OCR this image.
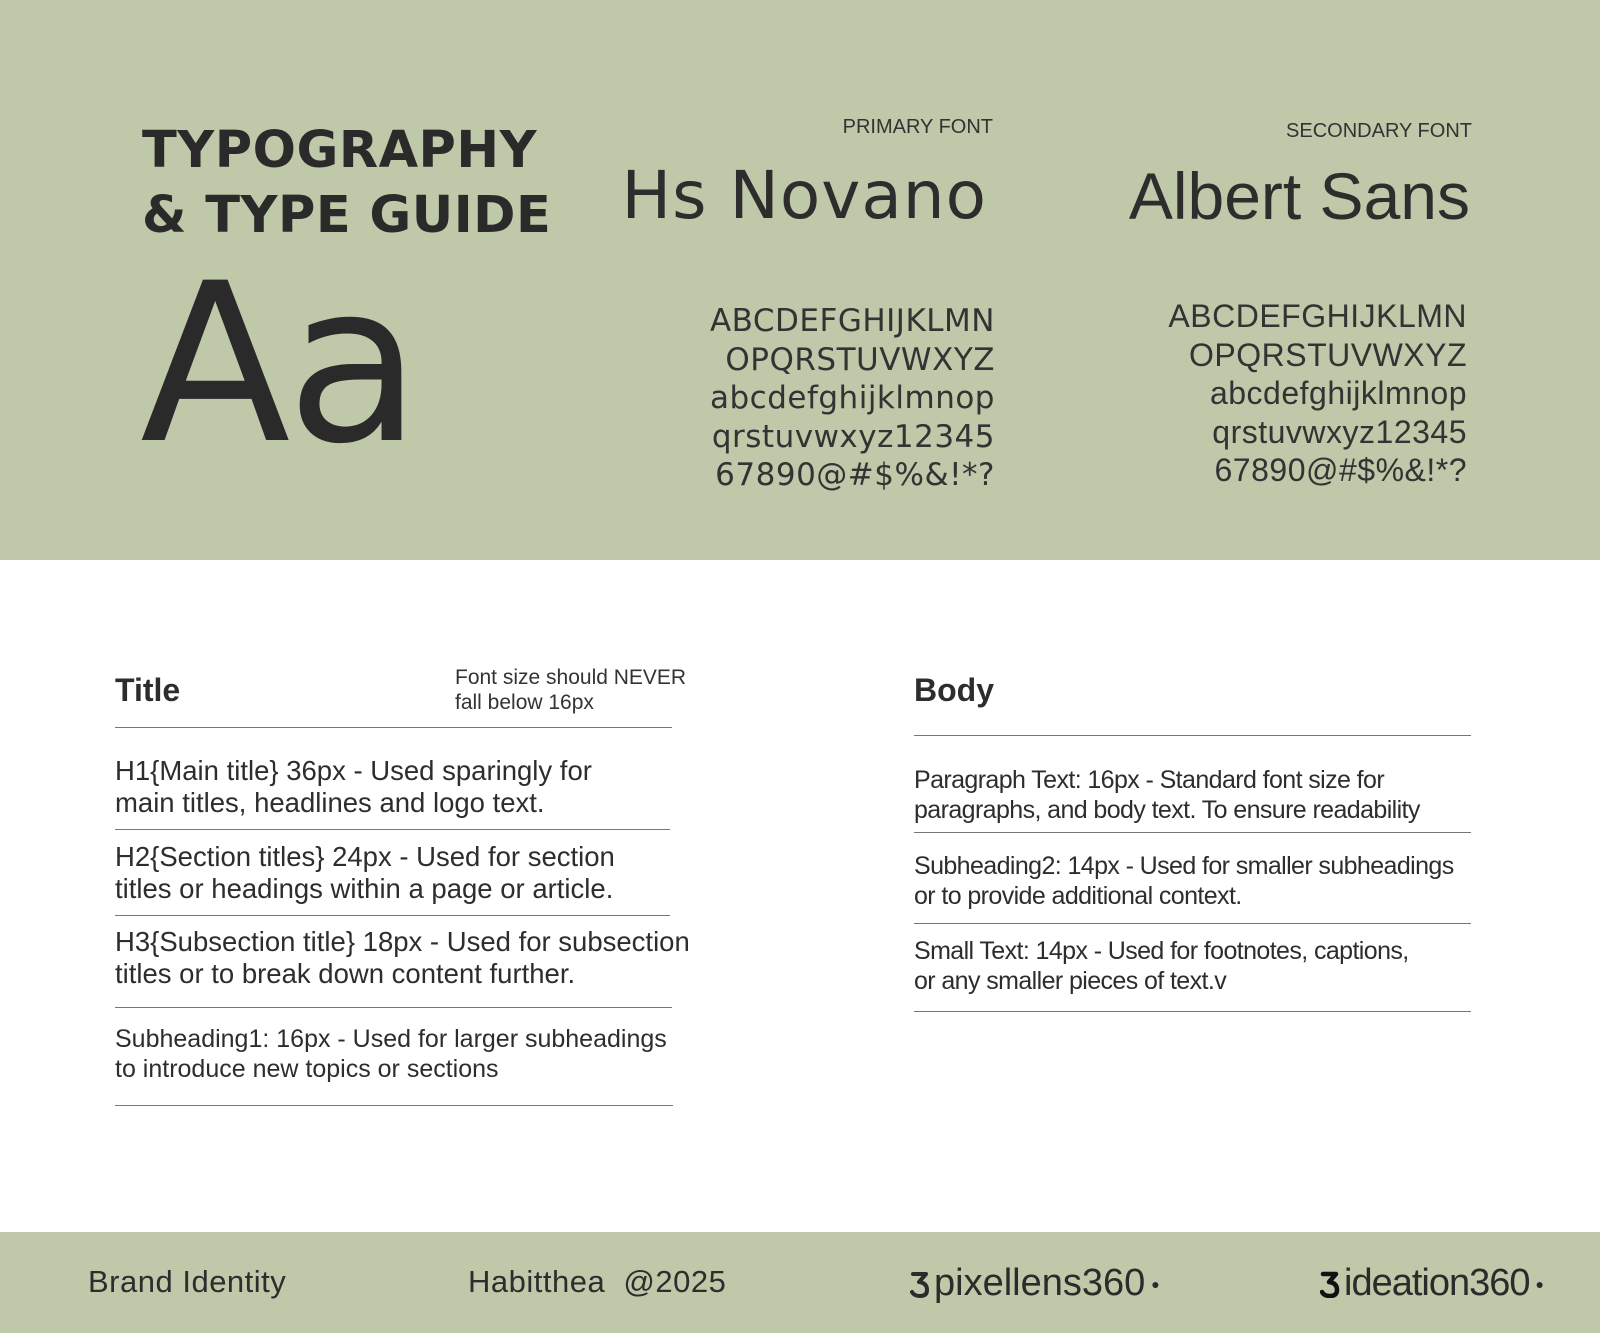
TYPOGRAPHY
& TYPE GUIDE
Aa
PRIMARY FONT
Hs Novano
ABCDEFGHIJKLMN
OPQRSTUVWXYZ
abcdefghijklmnop
qrstuvwxyz12345
67890@#$%&!*?
SECONDARY FONT
Albert Sans
ABCDEFGHIJKLMN
OPQRSTUVWXYZ
abcdefghijklmnop
qrstuvwxyz12345
67890@#$%&!*?
Title	Font size should NEVER
fall below 16px
H1{Main title} 36px - Used sparingly for
main titles, headlines and logo text.
H2{Section titles} 24px - Used for section
titles or headings within a page or article.
H3{Subsection title} 18px - Used for subsection
titles or to break down content further.
Subheading1: 16px - Used for larger subheadings
to introduce new topics or sections
Body
Paragraph Text: 16px - Standard font size for
paragraphs, and body text. To ensure readability
Subheading2: 14px - Used for smaller subheadings
or to provide additional context.
Small Text: 14px - Used for footnotes, captions,
or any smaller pieces of text.v
Brand Identity	Habitthea  @2025	pixellens360 ●	ideation360 ●
